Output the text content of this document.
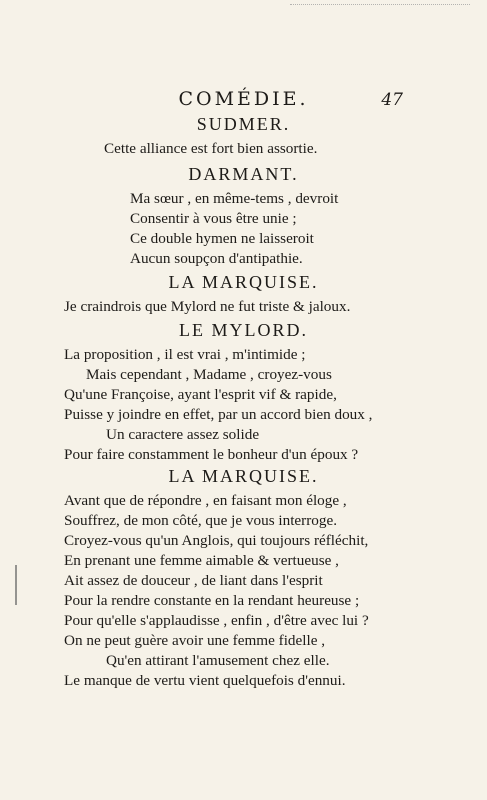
COMÉDIE.	47
SUDMER.
Cette alliance est fort bien assortie.
DARMANT.
Ma sœur , en même-tems , devroit
Consentir à vous être unie ;
Ce double hymen ne laisseroit
Aucun soupçon d'antipathie.
LA MARQUISE.
Je craindrois que Mylord ne fut triste & jaloux.
LE MYLORD.
La proposition , il est vrai , m'intimide ;
Mais cependant , Madame , croyez-vous
Qu'une Françoise, ayant l'esprit vif & rapide,
Puisse y joindre en effet, par un accord bien doux ,
Un caractere assez solide
Pour faire constamment le bonheur d'un époux ?
LA MARQUISE.
Avant que de répondre , en faisant mon éloge ,
Souffrez, de mon côté, que je vous interroge.
Croyez-vous qu'un Anglois, qui toujours réfléchit,
En prenant une femme aimable & vertueuse ,
Ait assez de douceur , de liant dans l'esprit
Pour la rendre constante en la rendant heureuse ;
Pour qu'elle s'applaudisse , enfin , d'être avec lui ?
On ne peut guère avoir une femme fidelle ,
Qu'en attirant l'amusement chez elle.
Le manque de vertu vient quelquefois d'ennui.
